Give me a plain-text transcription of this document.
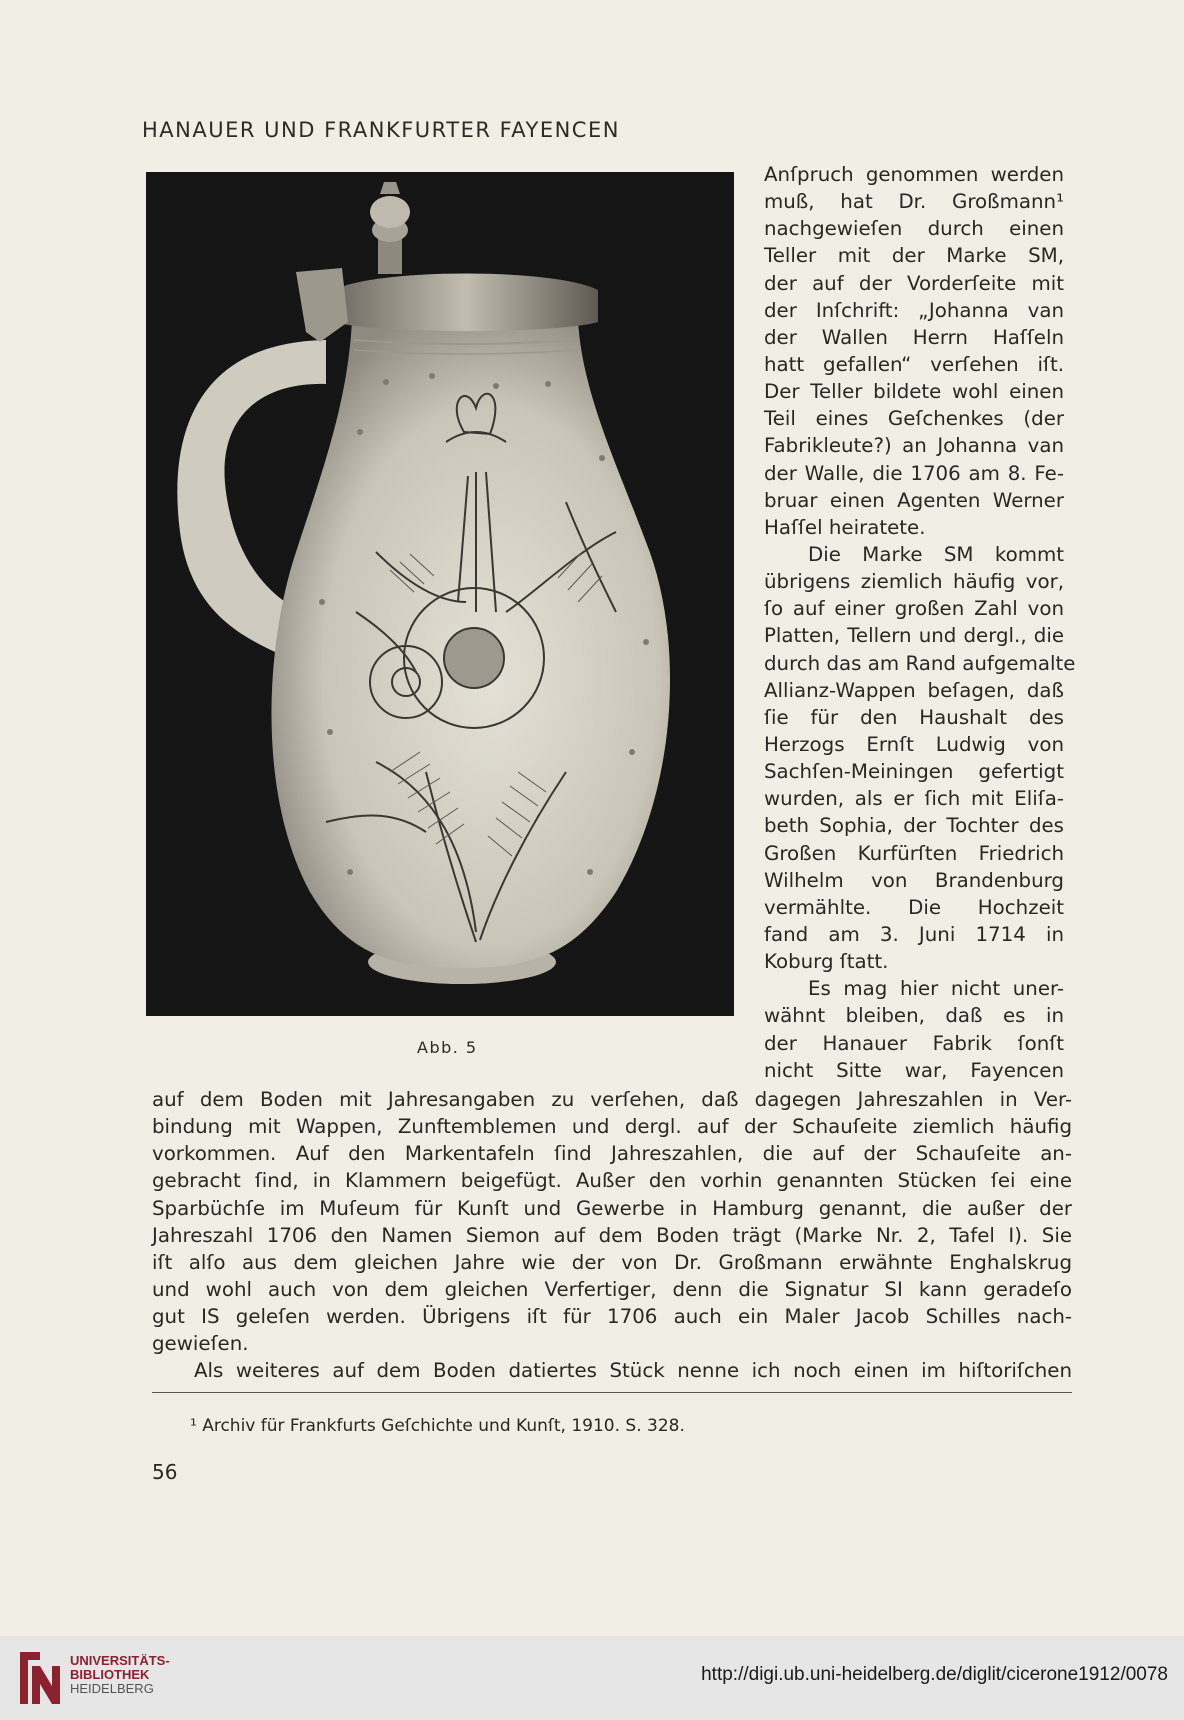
HANAUER UND FRANKFURTER FAYENCEN
Abb. 5
Anſpruch genommen werden
muß, hat Dr. Großmann¹
nachgewieſen durch einen
Teller mit der Marke SM,
der auf der Vorderſeite mit
der Inſchrift: „Johanna van
der Wallen Herrn Haſſeln
hatt gefallen“ verſehen iſt.
Der Teller bildete wohl einen
Teil eines Geſchenkes (der
Fabrikleute?) an Johanna van
der Walle, die 1706 am 8. Fe-
bruar einen Agenten Werner
Haſſel heiratete.
Die Marke SM kommt
übrigens ziemlich häufig vor,
ſo auf einer großen Zahl von
Platten, Tellern und dergl., die
durch das am Rand aufgemalte
Allianz-Wappen beſagen, daß
ſie für den Haushalt des
Herzogs Ernſt Ludwig von
Sachſen-Meiningen gefertigt
wurden, als er ſich mit Eliſa-
beth Sophia, der Tochter des
Großen Kurfürſten Friedrich
Wilhelm von Brandenburg
vermählte. Die Hochzeit
fand am 3. Juni 1714 in
Koburg ſtatt.
Es mag hier nicht uner-
wähnt bleiben, daß es in
der Hanauer Fabrik ſonſt
nicht Sitte war, Fayencen
auf dem Boden mit Jahresangaben zu verſehen, daß dagegen Jahreszahlen in Ver-
bindung mit Wappen, Zunftemblemen und dergl. auf der Schauſeite ziemlich häufig
vorkommen. Auf den Markentafeln ſind Jahreszahlen, die auf der Schauſeite an-
gebracht ſind, in Klammern beigefügt. Außer den vorhin genannten Stücken ſei eine
Sparbüchſe im Muſeum für Kunſt und Gewerbe in Hamburg genannt, die außer der
Jahreszahl 1706 den Namen Siemon auf dem Boden trägt (Marke Nr. 2, Tafel I). Sie
iſt alſo aus dem gleichen Jahre wie der von Dr. Großmann erwähnte Enghalskrug
und wohl auch von dem gleichen Verfertiger, denn die Signatur SI kann geradeſo
gut IS geleſen werden. Übrigens iſt für 1706 auch ein Maler Jacob Schilles nach-
gewieſen.
Als weiteres auf dem Boden datiertes Stück nenne ich noch einen im hiſtoriſchen
¹ Archiv für Frankfurts Geſchichte und Kunſt, 1910. S. 328.
56
UNIVERSITÄTS-
BIBLIOTHEK
HEIDELBERG
http://digi.ub.uni-heidelberg.de/diglit/cicerone1912/0078
